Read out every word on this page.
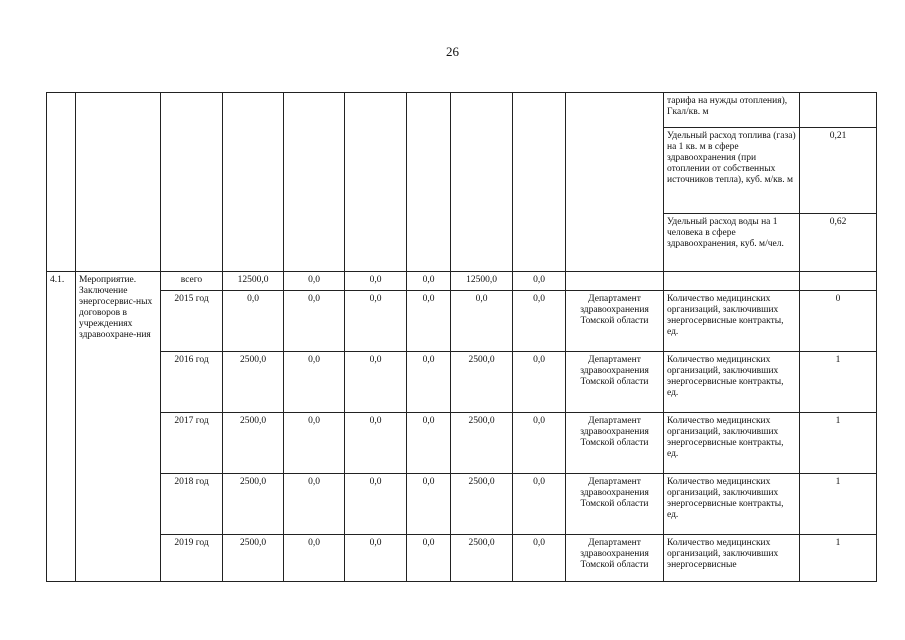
26
										тарифа на нужды отопления), Гкал/кв. м	
										Удельный расход топлива (газа) на 1 кв. м в сфере здравоохранения (при отоплении от собственных источников тепла), куб. м/кв. м	0,21
										Удельный расход воды на 1 человека в сфере здравоохранения, куб. м/чел.	0,62
4.1.	Мероприятие. Заключение энергосервис-ных договоров в учреждениях здравоохране-ния	всего	12500,0	0,0	0,0	0,0	12500,0	0,0			
		2015 год	0,0	0,0	0,0	0,0	0,0	0,0	Департамент здравоохранения Томской области	Количество медицинских организаций, заключивших энергосервисные контракты, ед.	0
		2016 год	2500,0	0,0	0,0	0,0	2500,0	0,0	Департамент здравоохранения Томской области	Количество медицинских организаций, заключивших энергосервисные контракты, ед.	1
		2017 год	2500,0	0,0	0,0	0,0	2500,0	0,0	Департамент здравоохранения Томской области	Количество медицинских организаций, заключивших энергосервисные контракты, ед.	1
		2018 год	2500,0	0,0	0,0	0,0	2500,0	0,0	Департамент здравоохранения Томской области	Количество медицинских организаций, заключивших энергосервисные контракты, ед.	1
		2019 год	2500,0	0,0	0,0	0,0	2500,0	0,0	Департамент здравоохранения Томской области	Количество медицинских организаций, заключивших энергосервисные	1
